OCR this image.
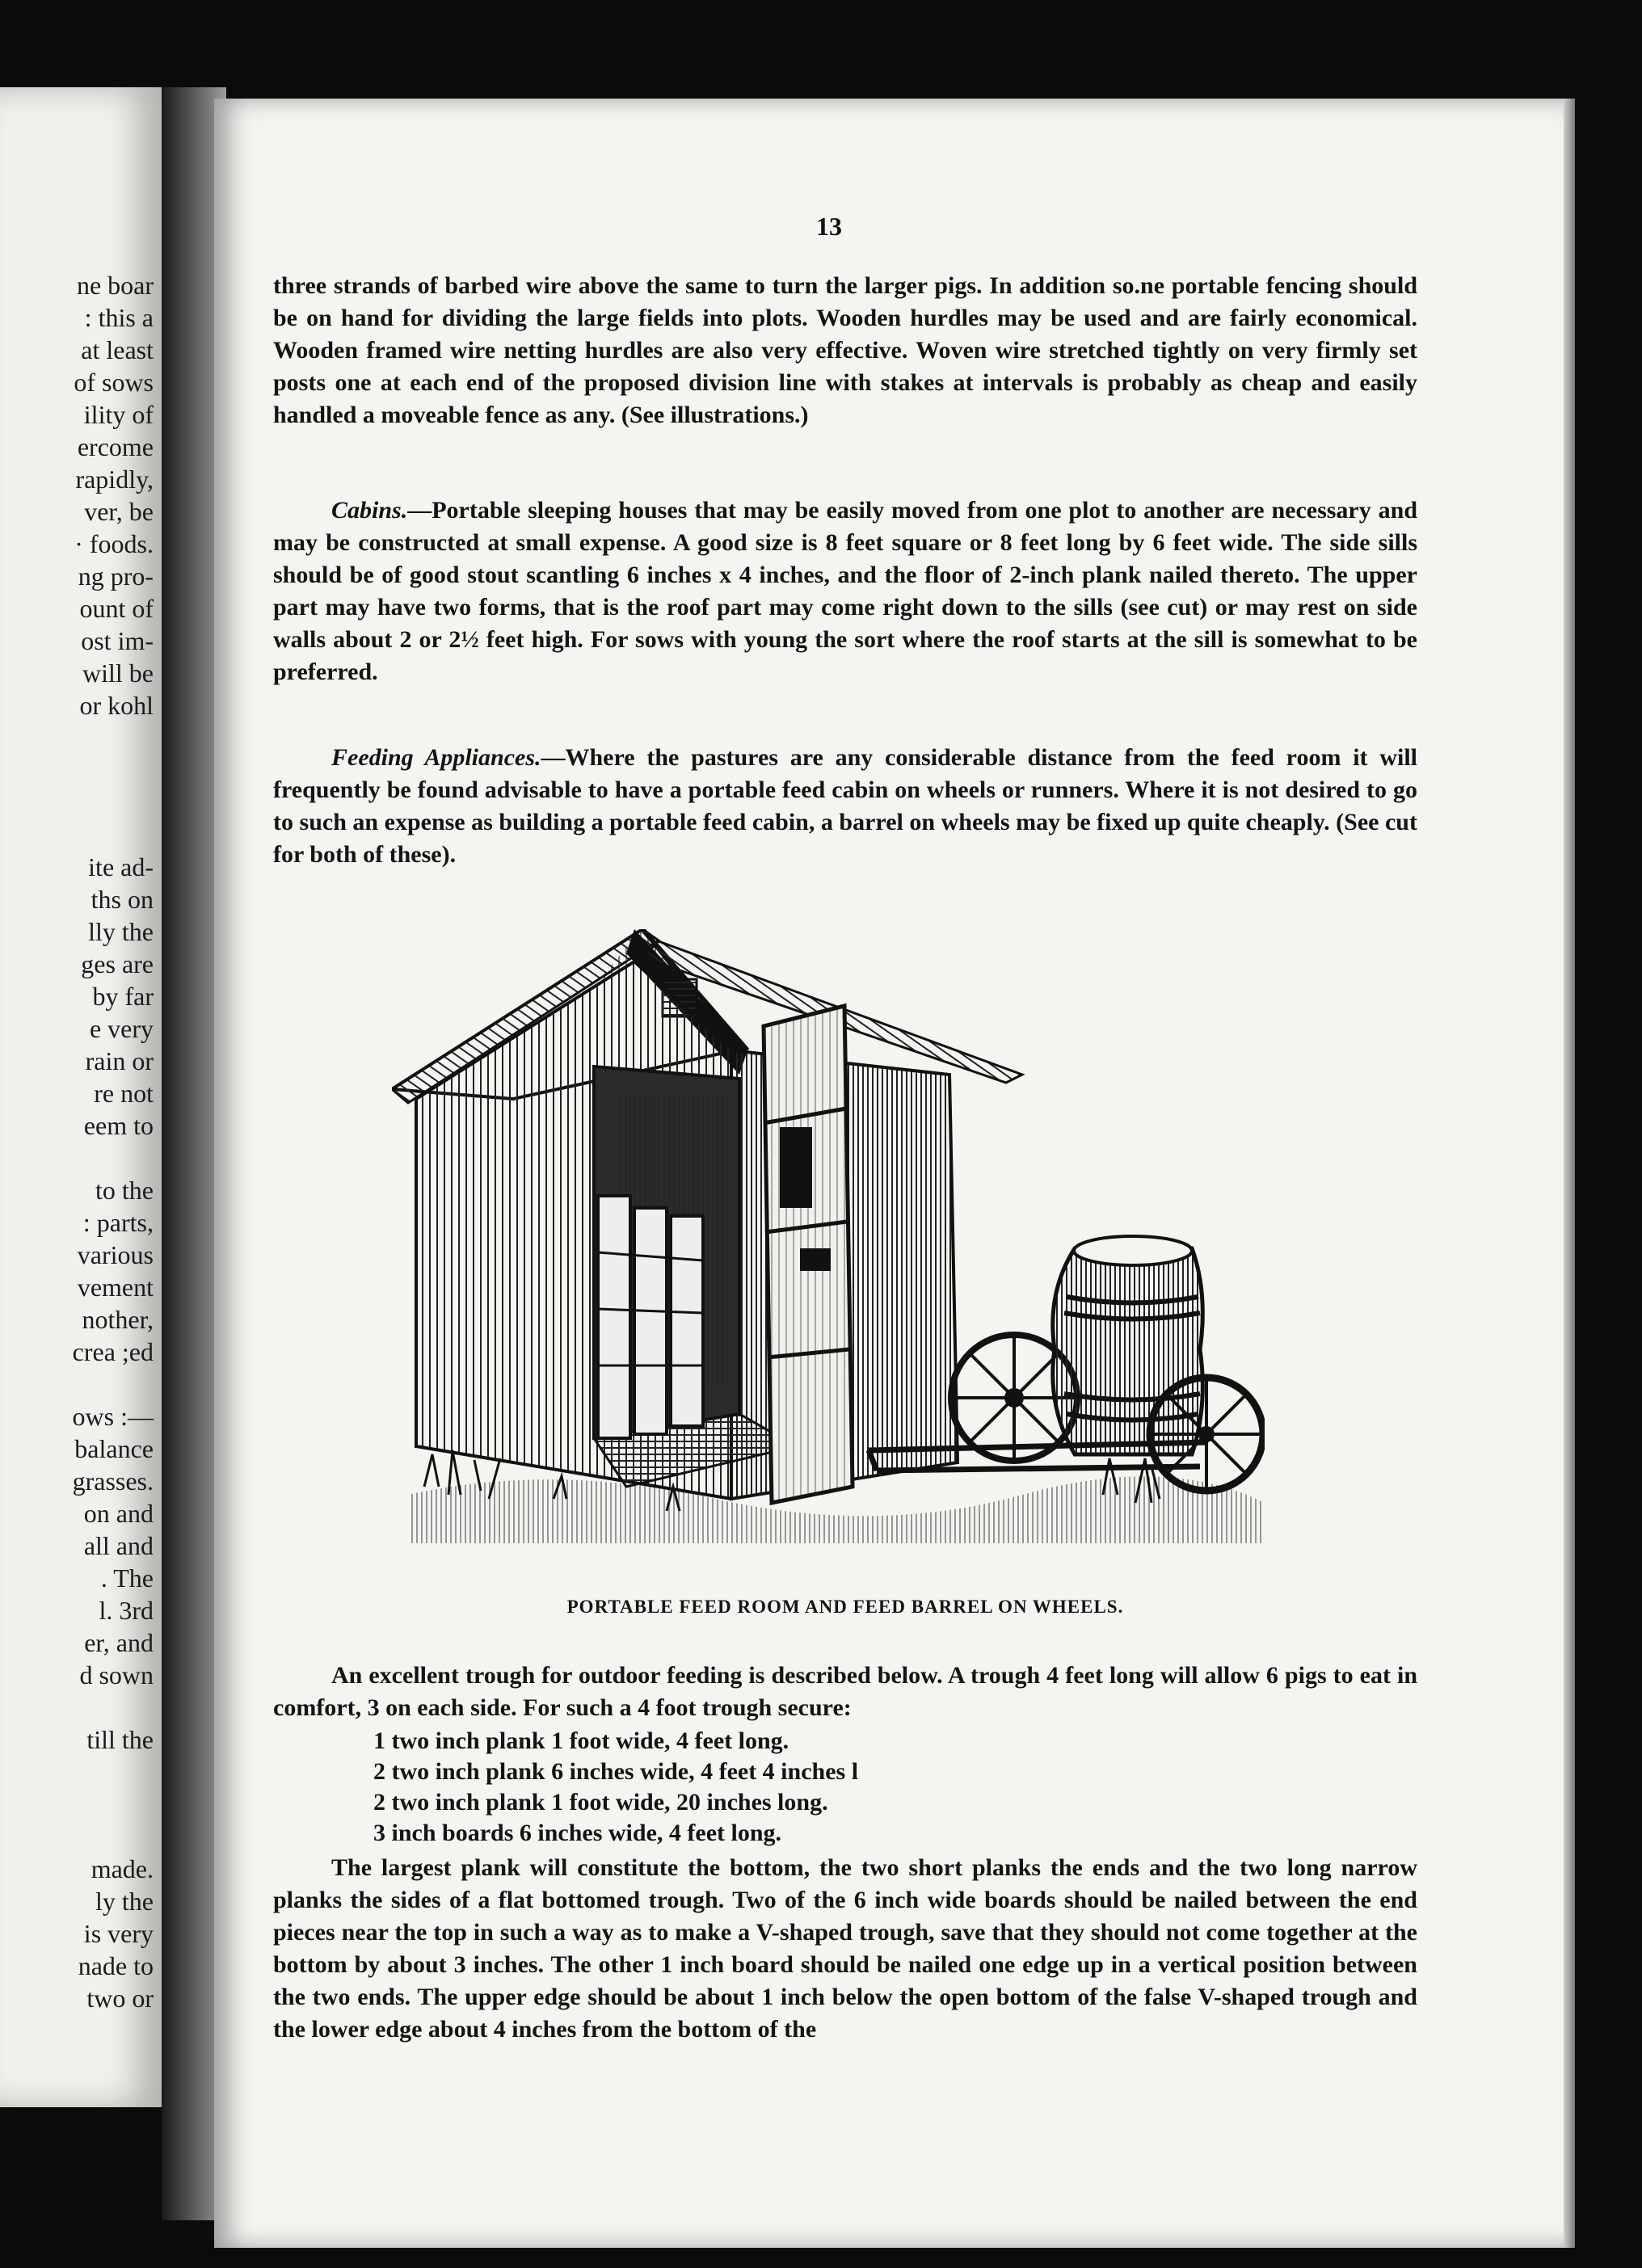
ne boar
: this a
at least
of sows
ility of
ercome
rapidly,
ver, be
· foods.
ng pro-
ount of
ost im-
will be
or kohl
ite ad-
ths on
lly the
ges are
by far
e very
rain or
re not
eem to
to the
: parts,
various
vement
nother,
crea ;ed
ows :—
balance
grasses.
on and
all and
. The
l. 3rd
er, and
d sown
till the
made.
ly the
is very
nade to
two or
13

three strands of barbed wire above the same to turn the larger pigs. In addition so.ne portable fencing should be on hand for dividing the large fields into plots. Wooden hurdles may be used and are fairly economical. Wooden framed wire netting hurdles are also very effective. Woven wire stretched tightly on very firmly set posts one at each end of the proposed division line with stakes at intervals is probably as cheap and easily handled a moveable fence as any. (See illustrations.)

Cabins.—Portable sleeping houses that may be easily moved from one plot to another are necessary and may be constructed at small expense. A good size is 8 feet square or 8 feet long by 6 feet wide. The side sills should be of good stout scantling 6 inches x 4 inches, and the floor of 2-inch plank nailed thereto. The upper part may have two forms, that is the roof part may come right down to the sills (see cut) or may rest on side walls about 2 or 2½ feet high. For sows with young the sort where the roof starts at the sill is somewhat to be preferred.

Feeding Appliances.—Where the pastures are any considerable distance from the feed room it will frequently be found advisable to have a portable feed cabin on wheels or runners. Where it is not desired to go to such an expense as building a portable feed cabin, a barrel on wheels may be fixed up quite cheaply. (See cut for both of these).

PORTABLE FEED ROOM AND FEED BARREL ON WHEELS.

An excellent trough for outdoor feeding is described below. A trough 4 feet long will allow 6 pigs to eat in comfort, 3 on each side. For such a 4 foot trough secure:

1 two inch plank 1 foot wide, 4 feet long.
2 two inch plank 6 inches wide, 4 feet 4 inches l
2 two inch plank 1 foot wide, 20 inches long.
3 inch boards 6 inches wide, 4 feet long.

The largest plank will constitute the bottom, the two short planks the ends and the two long narrow planks the sides of a flat bottomed trough. Two of the 6 inch wide boards should be nailed between the end pieces near the top in such a way as to make a V-shaped trough, save that they should not come together at the bottom by about 3 inches. The other 1 inch board should be nailed one edge up in a vertical position between the two ends. The upper edge should be about 1 inch below the open bottom of the false V-shaped trough and the lower edge about 4 inches from the bottom of the
